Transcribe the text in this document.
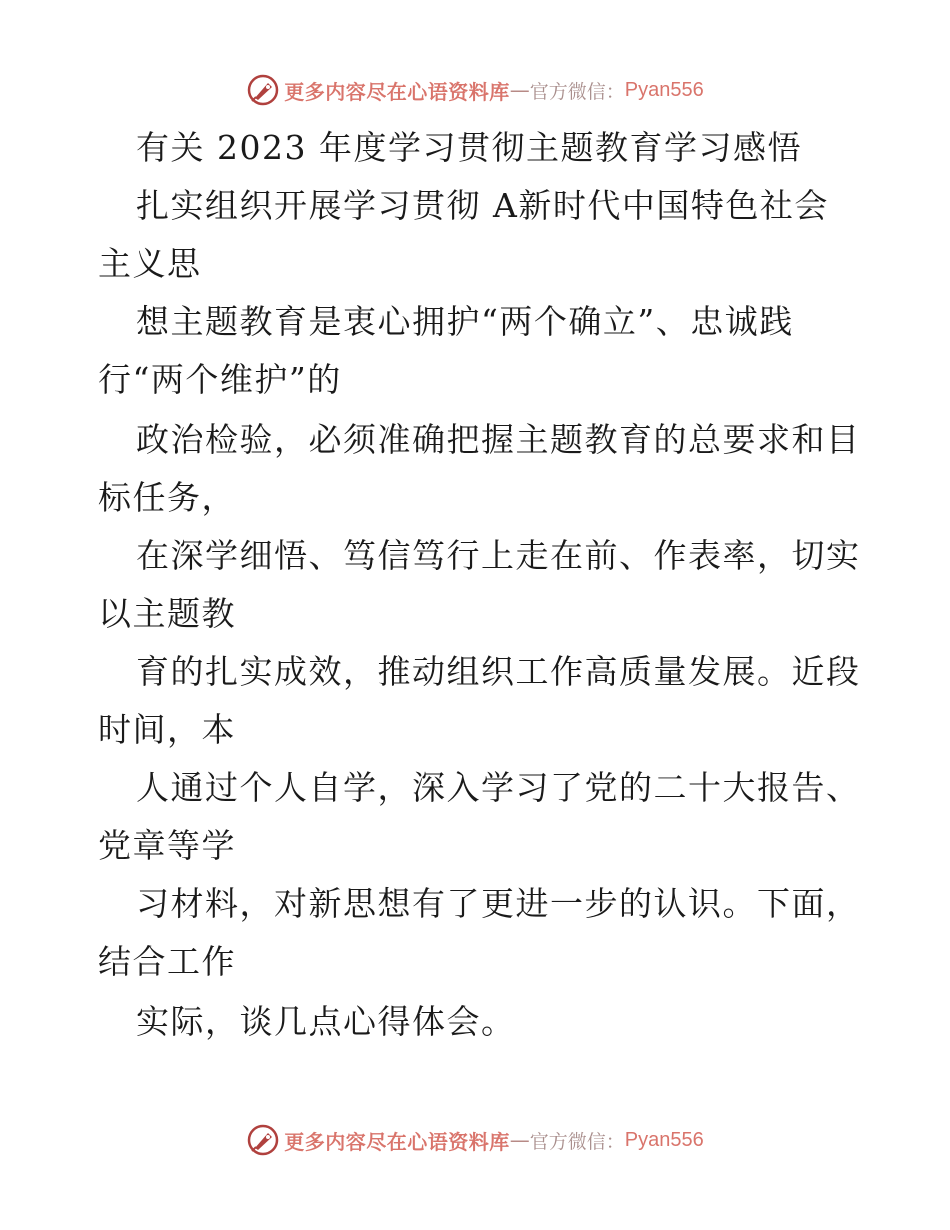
更多内容尽在心语资料库 — 官方微信： Pyan556
有关 2023 年度学习贯彻主题教育学习感悟
扎实组织开展学习贯彻 A新时代中国特色社会
主义思
想主题教育是衷心拥护“两个确立”、忠诚践
行“两个维护”的
政治检验，必须准确把握主题教育的总要求和目
标任务，
在深学细悟、笃信笃行上走在前、作表率，切实
以主题教
育的扎实成效，推动组织工作高质量发展。近段
时间，本
人通过个人自学，深入学习了党的二十大报告、
党章等学
习材料，对新思想有了更进一步的认识。下面，
结合工作
实际，谈几点心得体会。
更多内容尽在心语资料库 — 官方微信： Pyan556
